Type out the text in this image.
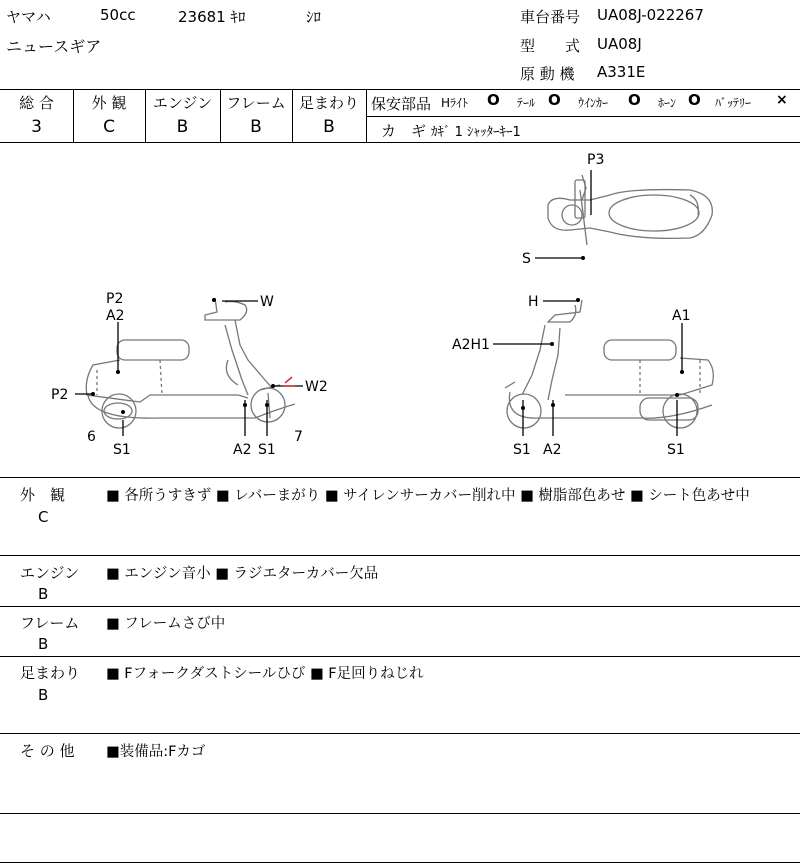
ヤマハ	50cc	23681 ｷﾛ	ｼﾛ
ニュースギア
車台番号 UA08J-022267
型　　式 UA08J
原 動 機 A331E
総 合
3
外 観
C
エンジン
B
フレーム
B
足まわり
B
保安部品 Hﾗｲﾄ O ﾃｰﾙ O ｳｲﾝｶｰ O ﾎｰﾝ O ﾊﾞｯﾃﾘｰ ×
カ　ギ ｶｷﾞ 1 ｼｬｯﾀｰｷｰ1
P3
S
P2
A2
W
W2
P2
6
S1	A2 S1
7
H
A1
A2H1
S1 A2	S1
外　観
C
■ 各所うすきず ■ レバーまがり ■ サイレンサーカバー削れ中 ■ 樹脂部色あせ ■ シート色あせ中
エンジン
B
■ エンジン音小 ■ ラジエターカバー欠品
フレーム
B
■ フレームさび中
足まわり
B
■ Fフォークダストシールひび ■ F足回りねじれ
そ の 他 ■装備品:Fカゴ
